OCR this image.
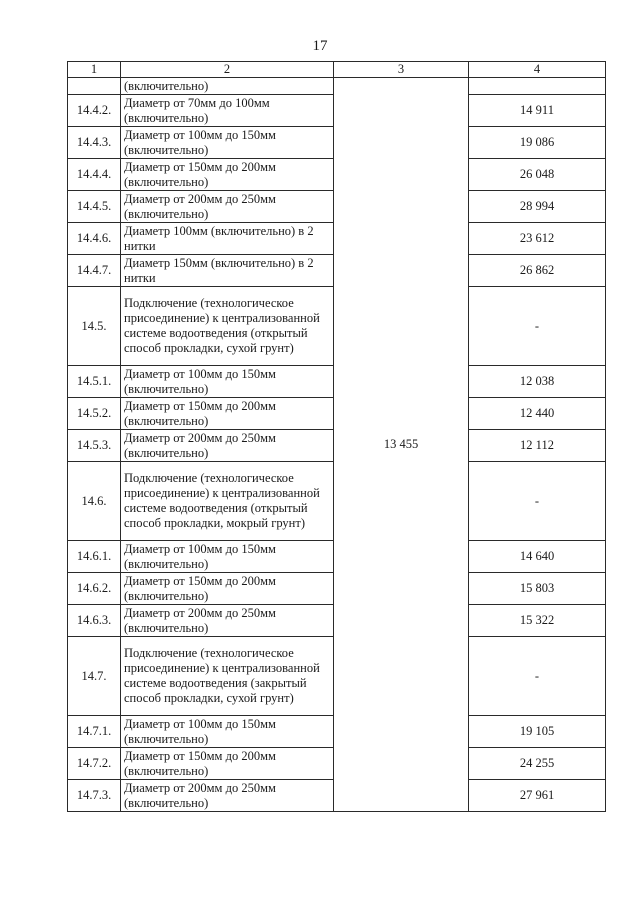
17
1	2	3	4
	(включительно)	13 455	
14.4.2.	Диаметр от 70мм до 100мм (включительно)		14 911
14.4.3.	Диаметр от 100мм до 150мм (включительно)		19 086
14.4.4.	Диаметр от 150мм до 200мм (включительно)		26 048
14.4.5.	Диаметр от 200мм до 250мм (включительно)		28 994
14.4.6.	Диаметр 100мм (включительно) в 2 нитки		23 612
14.4.7.	Диаметр 150мм (включительно) в 2 нитки		26 862
14.5.	Подключение (технологическое присоединение) к централизованной системе водоотведения (открытый способ прокладки, сухой грунт)		-
14.5.1.	Диаметр от 100мм до 150мм (включительно)		12 038
14.5.2.	Диаметр от 150мм до 200мм (включительно)		12 440
14.5.3.	Диаметр от 200мм до 250мм (включительно)		12 112
14.6.	Подключение (технологическое присоединение) к централизованной системе водоотведения (открытый способ прокладки, мокрый грунт)		-
14.6.1.	Диаметр от 100мм до 150мм (включительно)		14 640
14.6.2.	Диаметр от 150мм до 200мм (включительно)		15 803
14.6.3.	Диаметр от 200мм до 250мм (включительно)		15 322
14.7.	Подключение (технологическое присоединение) к централизованной системе водоотведения (закрытый способ прокладки, сухой грунт)		-
14.7.1.	Диаметр от 100мм до 150мм (включительно)		19 105
14.7.2.	Диаметр от 150мм до 200мм (включительно)		24 255
14.7.3.	Диаметр от 200мм до 250мм (включительно)		27 961
